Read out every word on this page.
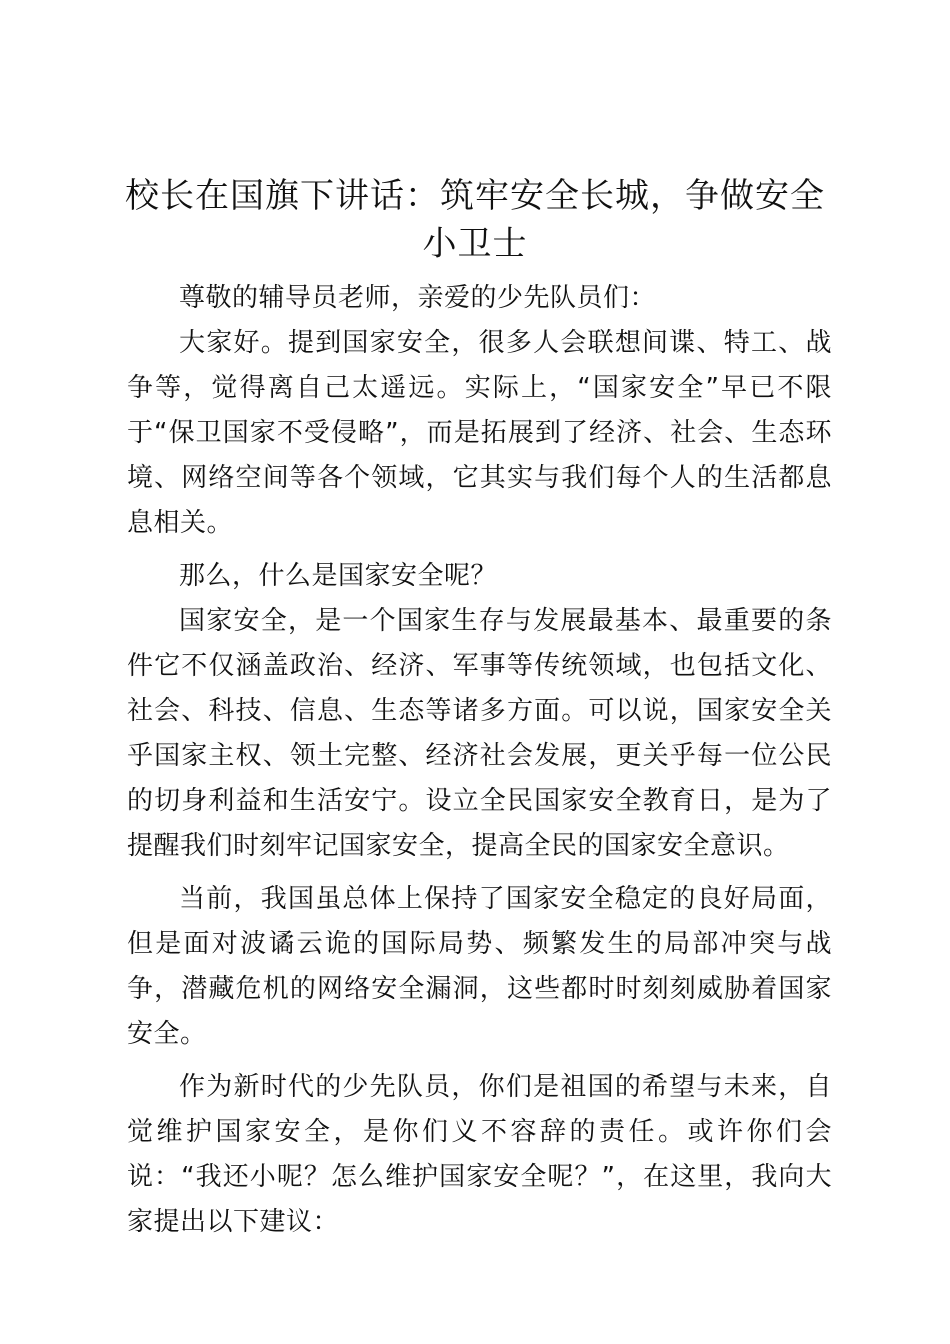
校长在国旗下讲话：筑牢安全长城，争做安全小卫士

尊敬的辅导员老师，亲爱的少先队员们：

大家好。提到国家安全，很多人会联想间谍、特工、战争等，觉得离自己太遥远。实际上，“国家安全”早已不限于“保卫国家不受侵略”，而是拓展到了经济、社会、生态环境、网络空间等各个领域，它其实与我们每个人的生活都息息相关。

那么，什么是国家安全呢？

国家安全，是一个国家生存与发展最基本、最重要的条件它不仅涵盖政治、经济、军事等传统领域，也包括文化、社会、科技、信息、生态等诸多方面。可以说，国家安全关乎国家主权、领土完整、经济社会发展，更关乎每一位公民的切身利益和生活安宁。设立全民国家安全教育日，是为了提醒我们时刻牢记国家安全，提高全民的国家安全意识。

当前，我国虽总体上保持了国家安全稳定的良好局面，但是面对波谲云诡的国际局势、频繁发生的局部冲突与战争，潜藏危机的网络安全漏洞，这些都时时刻刻威胁着国家安全。

作为新时代的少先队员，你们是祖国的希望与未来，自觉维护国家安全，是你们义不容辞的责任。或许你们会说：“我还小呢？怎么维护国家安全呢？”，在这里，我向大家提出以下建议：
